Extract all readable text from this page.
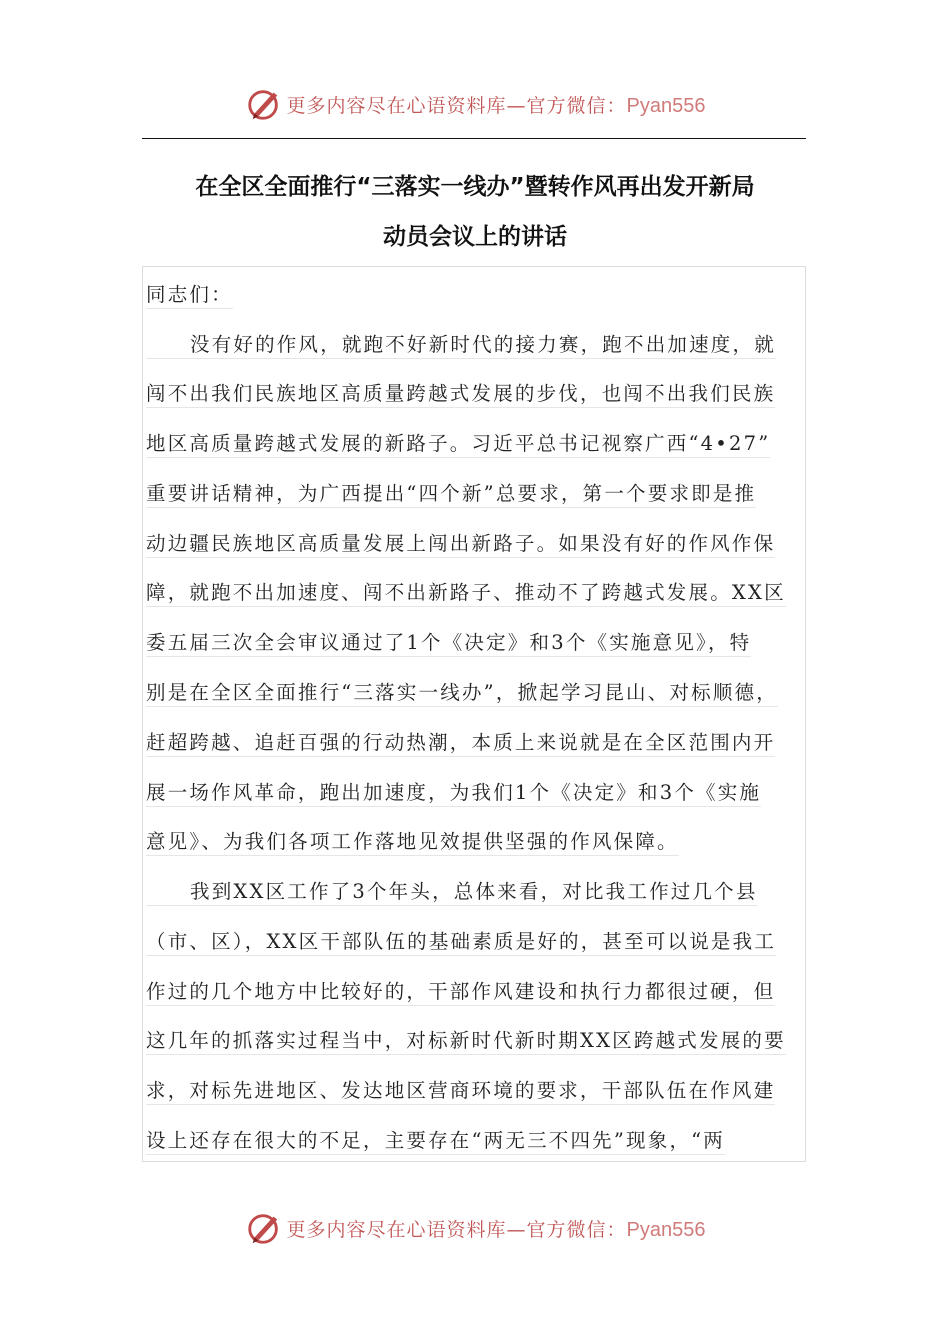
更多内容尽在心语资料库—官方微信：Pyan556
在全区全面推行“三落实一线办”暨转作风再出发开新局
动员会议上的讲话
同志们：
没有好的作风，就跑不好新时代的接力赛，跑不出加速度，就
闯不出我们民族地区高质量跨越式发展的步伐，也闯不出我们民族
地区高质量跨越式发展的新路子。习近平总书记视察广西“4•27”
重要讲话精神，为广西提出“四个新”总要求，第一个要求即是推
动边疆民族地区高质量发展上闯出新路子。如果没有好的作风作保
障，就跑不出加速度、闯不出新路子、推动不了跨越式发展。XX区
委五届三次全会审议通过了1个《决定》和3个《实施意见》，特
别是在全区全面推行“三落实一线办”，掀起学习昆山、对标顺德，
赶超跨越、追赶百强的行动热潮，本质上来说就是在全区范围内开
展一场作风革命，跑出加速度，为我们1个《决定》和3个《实施
意见》、为我们各项工作落地见效提供坚强的作风保障。
我到XX区工作了3个年头，总体来看，对比我工作过几个县
（市、区），XX区干部队伍的基础素质是好的，甚至可以说是我工
作过的几个地方中比较好的，干部作风建设和执行力都很过硬，但
这几年的抓落实过程当中，对标新时代新时期XX区跨越式发展的要
求，对标先进地区、发达地区营商环境的要求，干部队伍在作风建
设上还存在很大的不足，主要存在“两无三不四先”现象，“两
更多内容尽在心语资料库—官方微信：Pyan556
